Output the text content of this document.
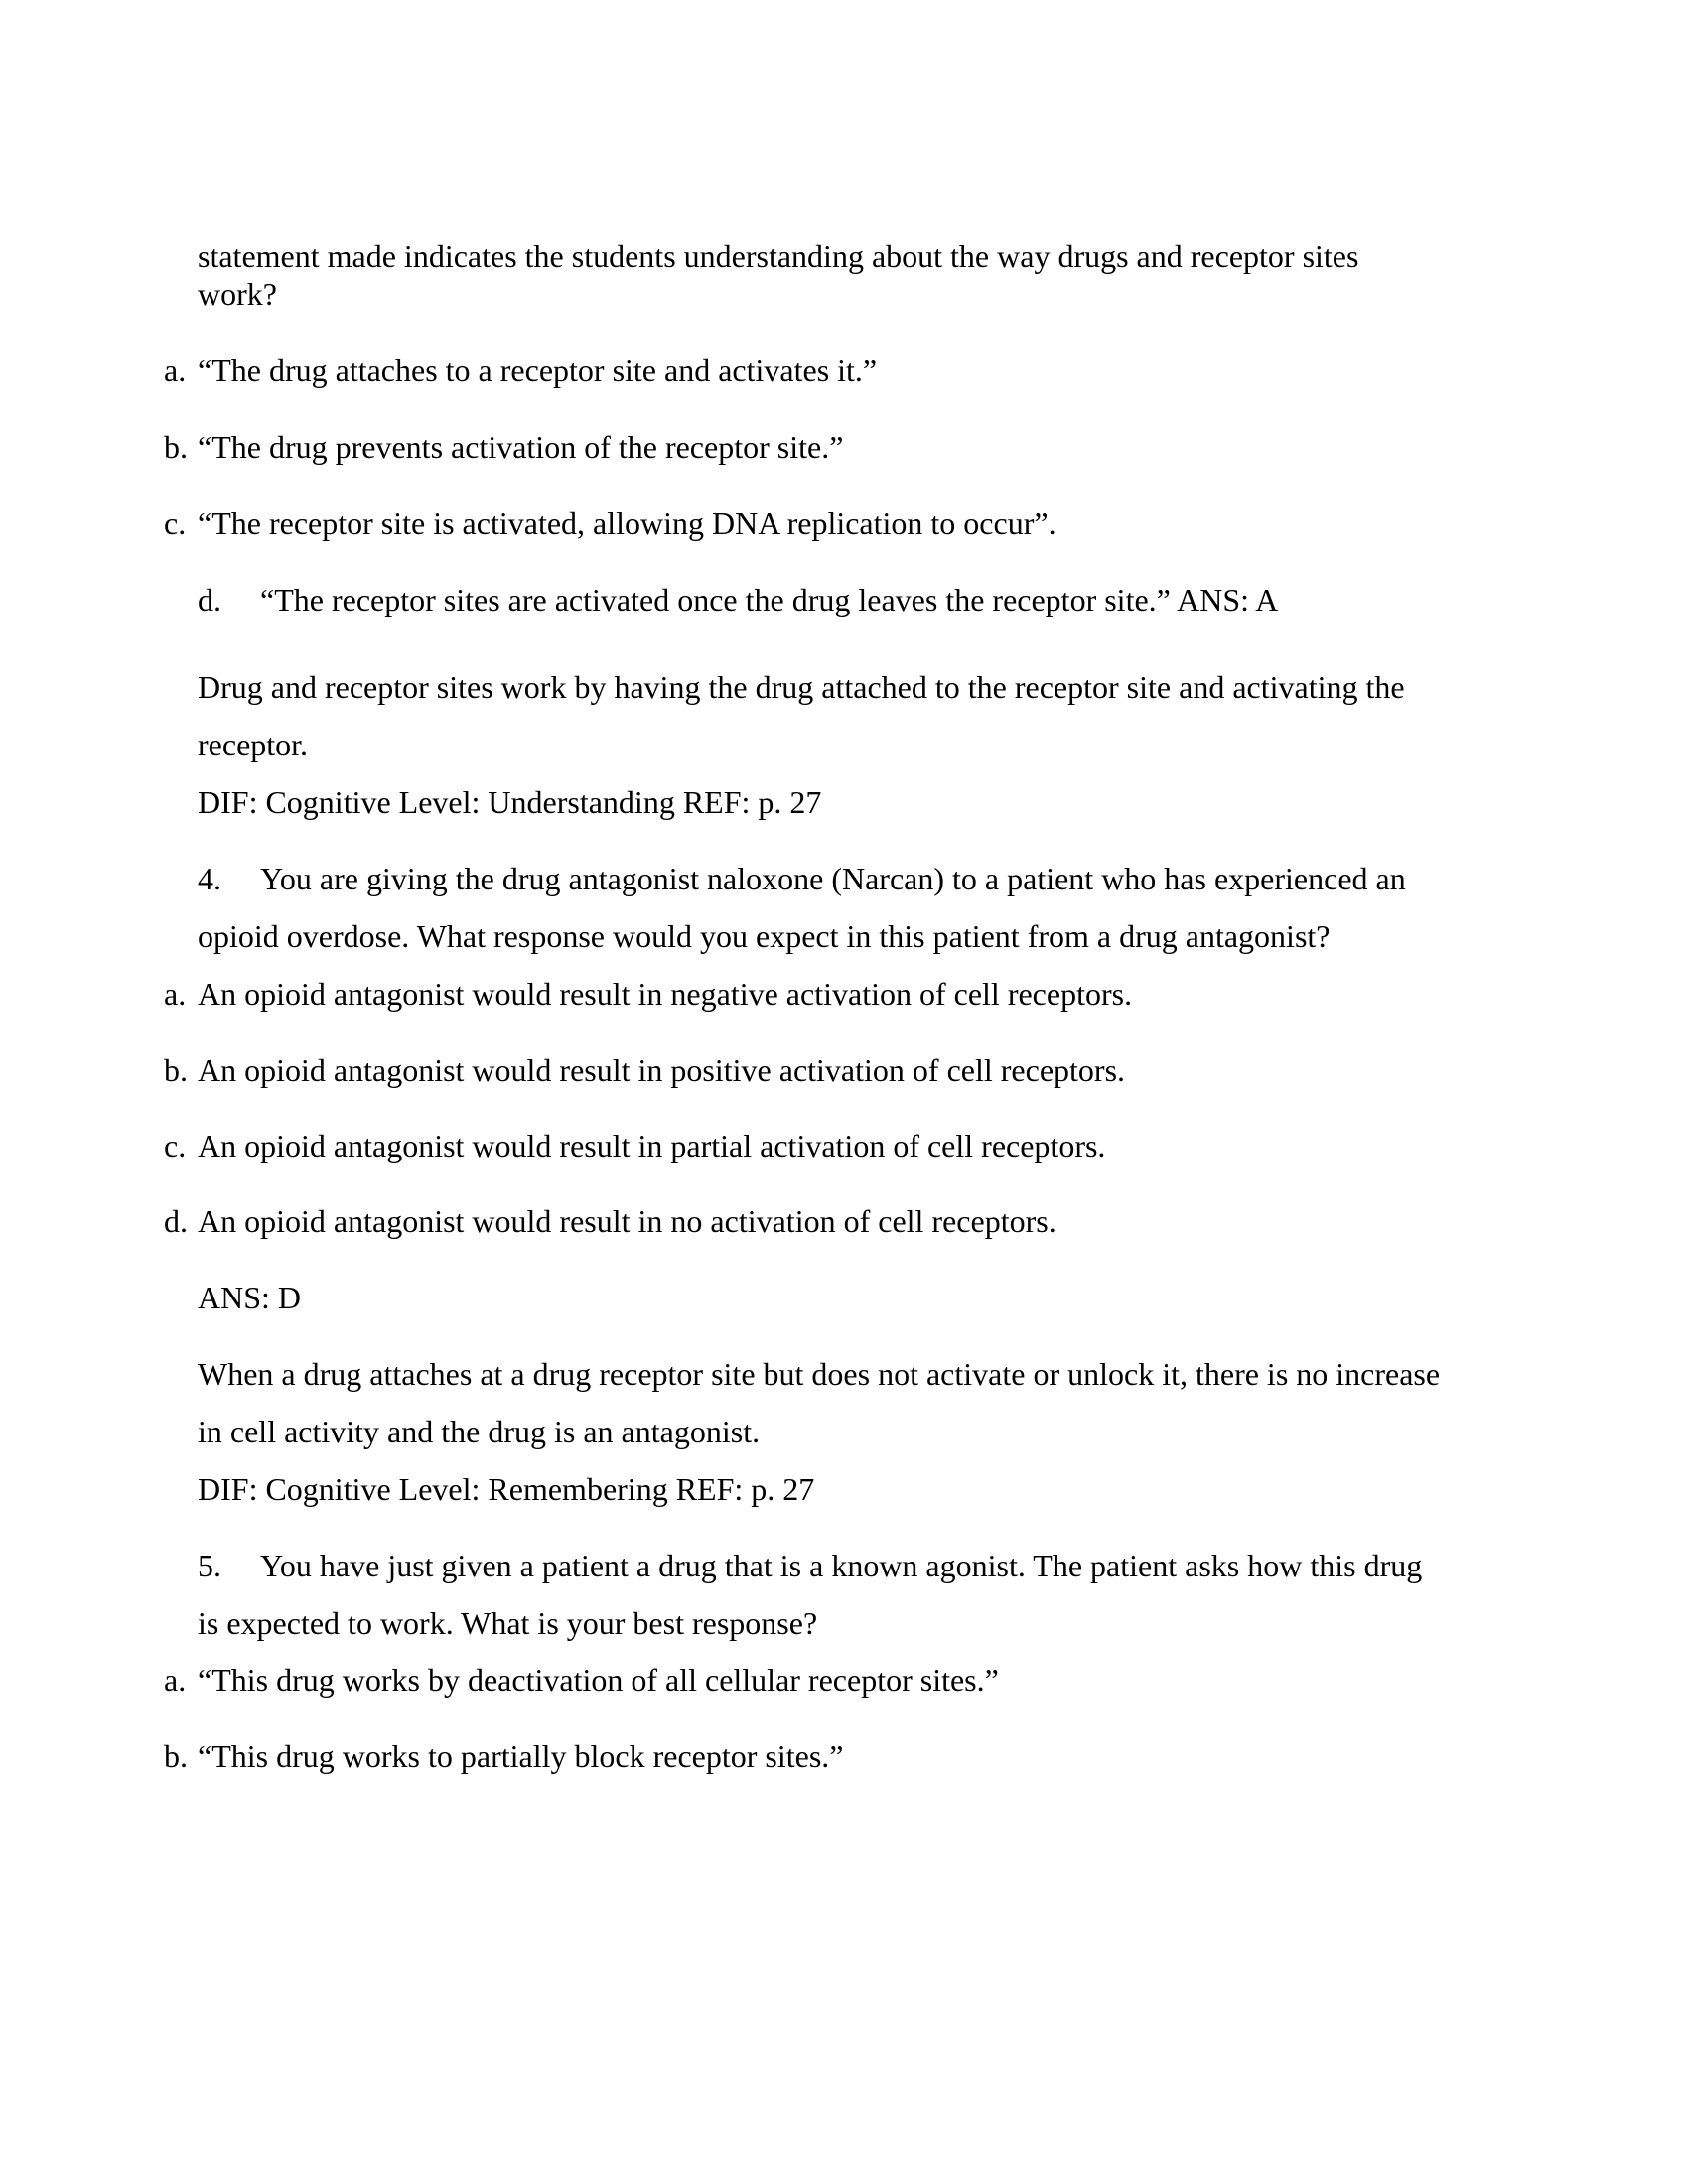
statement made indicates the students understanding about the way drugs and receptor sites
work?
a. “The drug attaches to a receptor site and activates it.”
b. “The drug prevents activation of the receptor site.”
c. “The receptor site is activated, allowing DNA replication to occur”.
d. “The receptor sites are activated once the drug leaves the receptor site.” ANS: A
Drug and receptor sites work by having the drug attached to the receptor site and activating the
receptor.
DIF: Cognitive Level: Understanding REF: p. 27
4. You are giving the drug antagonist naloxone (Narcan) to a patient who has experienced an
opioid overdose. What response would you expect in this patient from a drug antagonist?
a. An opioid antagonist would result in negative activation of cell receptors.
b. An opioid antagonist would result in positive activation of cell receptors.
c. An opioid antagonist would result in partial activation of cell receptors.
d. An opioid antagonist would result in no activation of cell receptors.
ANS: D
When a drug attaches at a drug receptor site but does not activate or unlock it, there is no increase
in cell activity and the drug is an antagonist.
DIF: Cognitive Level: Remembering REF: p. 27
5. You have just given a patient a drug that is a known agonist. The patient asks how this drug
is expected to work. What is your best response?
a. “This drug works by deactivation of all cellular receptor sites.”
b. “This drug works to partially block receptor sites.”
